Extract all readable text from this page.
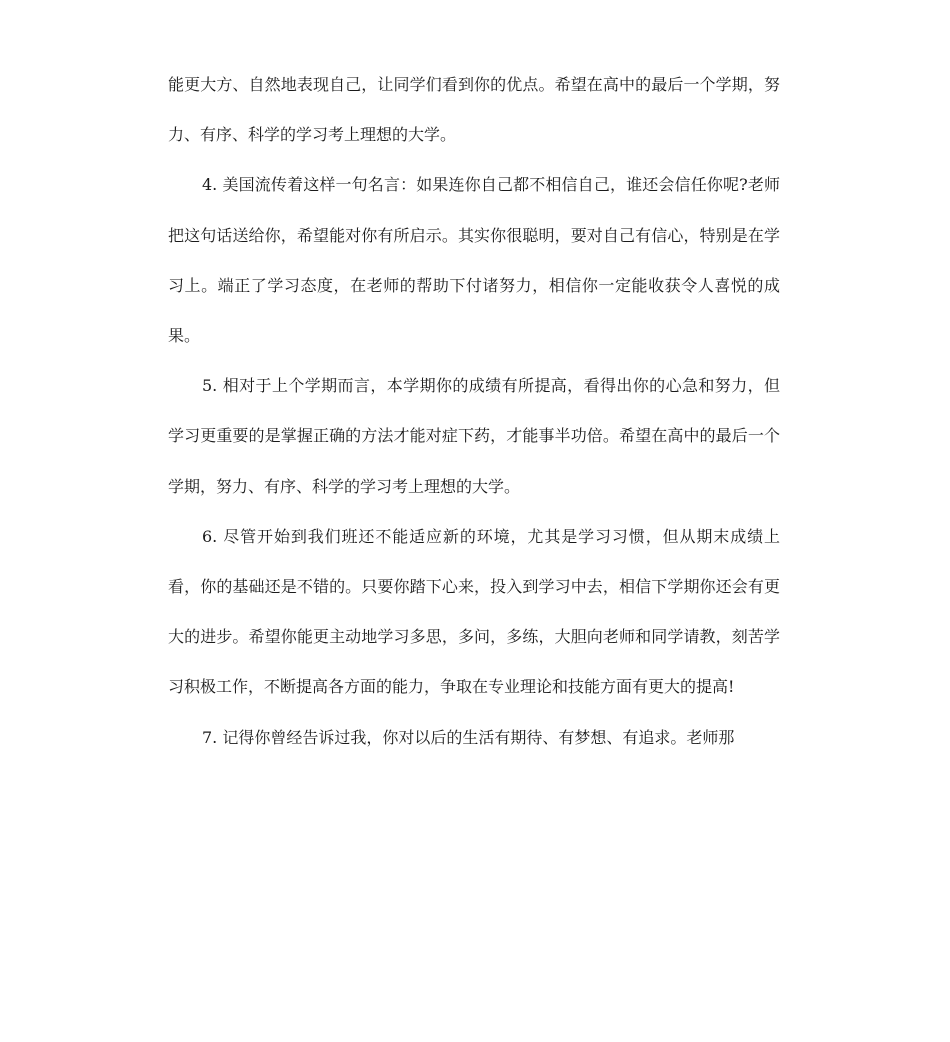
能更大方、自然地表现自己，让同学们看到你的优点。希望在高中的最后一个学期，努力、有序、科学的学习考上理想的大学。

4. 美国流传着这样一句名言：如果连你自己都不相信自己，谁还会信任你呢?老师把这句话送给你，希望能对你有所启示。其实你很聪明，要对自己有信心，特别是在学习上。端正了学习态度，在老师的帮助下付诸努力，相信你一定能收获令人喜悦的成果。

5. 相对于上个学期而言，本学期你的成绩有所提高，看得出你的心急和努力，但学习更重要的是掌握正确的方法才能对症下药，才能事半功倍。希望在高中的最后一个学期，努力、有序、科学的学习考上理想的大学。

6. 尽管开始到我们班还不能适应新的环境，尤其是学习习惯，但从期末成绩上看，你的基础还是不错的。只要你踏下心来，投入到学习中去，相信下学期你还会有更大的进步。希望你能更主动地学习多思，多问，多练，大胆向老师和同学请教，刻苦学习积极工作，不断提高各方面的能力，争取在专业理论和技能方面有更大的提高!

7. 记得你曾经告诉过我，你对以后的生活有期待、有梦想、有追求。老师那
